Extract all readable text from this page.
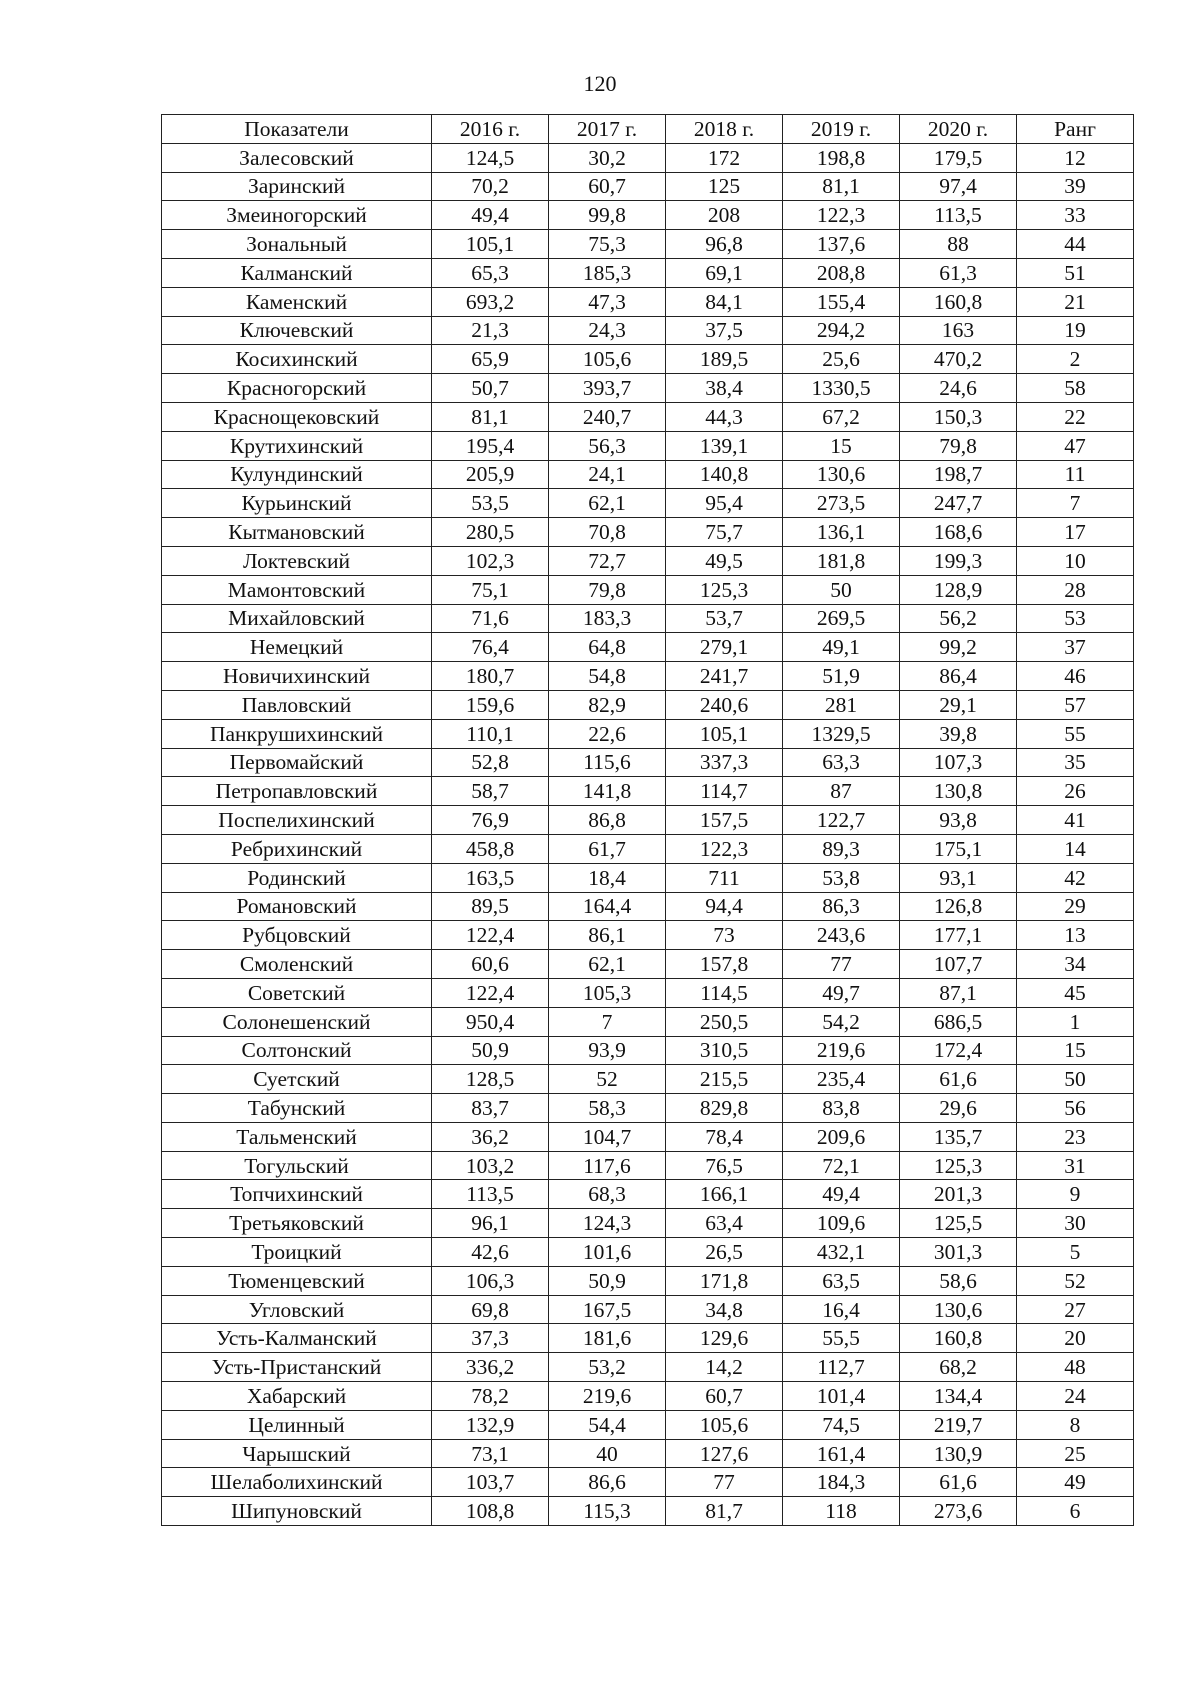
120
Показатели	2016 г.	2017 г.	2018 г.	2019 г.	2020 г.	Ранг
Залесовский	124,5	30,2	172	198,8	179,5	12
Заринский	70,2	60,7	125	81,1	97,4	39
Змеиногорский	49,4	99,8	208	122,3	113,5	33
Зональный	105,1	75,3	96,8	137,6	88	44
Калманский	65,3	185,3	69,1	208,8	61,3	51
Каменский	693,2	47,3	84,1	155,4	160,8	21
Ключевский	21,3	24,3	37,5	294,2	163	19
Косихинский	65,9	105,6	189,5	25,6	470,2	2
Красногорский	50,7	393,7	38,4	1330,5	24,6	58
Краснощековский	81,1	240,7	44,3	67,2	150,3	22
Крутихинский	195,4	56,3	139,1	15	79,8	47
Кулундинский	205,9	24,1	140,8	130,6	198,7	11
Курьинский	53,5	62,1	95,4	273,5	247,7	7
Кытмановский	280,5	70,8	75,7	136,1	168,6	17
Локтевский	102,3	72,7	49,5	181,8	199,3	10
Мамонтовский	75,1	79,8	125,3	50	128,9	28
Михайловский	71,6	183,3	53,7	269,5	56,2	53
Немецкий	76,4	64,8	279,1	49,1	99,2	37
Новичихинский	180,7	54,8	241,7	51,9	86,4	46
Павловский	159,6	82,9	240,6	281	29,1	57
Панкрушихинский	110,1	22,6	105,1	1329,5	39,8	55
Первомайский	52,8	115,6	337,3	63,3	107,3	35
Петропавловский	58,7	141,8	114,7	87	130,8	26
Поспелихинский	76,9	86,8	157,5	122,7	93,8	41
Ребрихинский	458,8	61,7	122,3	89,3	175,1	14
Родинский	163,5	18,4	711	53,8	93,1	42
Романовский	89,5	164,4	94,4	86,3	126,8	29
Рубцовский	122,4	86,1	73	243,6	177,1	13
Смоленский	60,6	62,1	157,8	77	107,7	34
Советский	122,4	105,3	114,5	49,7	87,1	45
Солонешенский	950,4	7	250,5	54,2	686,5	1
Солтонский	50,9	93,9	310,5	219,6	172,4	15
Суетский	128,5	52	215,5	235,4	61,6	50
Табунский	83,7	58,3	829,8	83,8	29,6	56
Тальменский	36,2	104,7	78,4	209,6	135,7	23
Тогульский	103,2	117,6	76,5	72,1	125,3	31
Топчихинский	113,5	68,3	166,1	49,4	201,3	9
Третьяковский	96,1	124,3	63,4	109,6	125,5	30
Троицкий	42,6	101,6	26,5	432,1	301,3	5
Тюменцевский	106,3	50,9	171,8	63,5	58,6	52
Угловский	69,8	167,5	34,8	16,4	130,6	27
Усть-Калманский	37,3	181,6	129,6	55,5	160,8	20
Усть-Пристанский	336,2	53,2	14,2	112,7	68,2	48
Хабарский	78,2	219,6	60,7	101,4	134,4	24
Целинный	132,9	54,4	105,6	74,5	219,7	8
Чарышский	73,1	40	127,6	161,4	130,9	25
Шелаболихинский	103,7	86,6	77	184,3	61,6	49
Шипуновский	108,8	115,3	81,7	118	273,6	6
